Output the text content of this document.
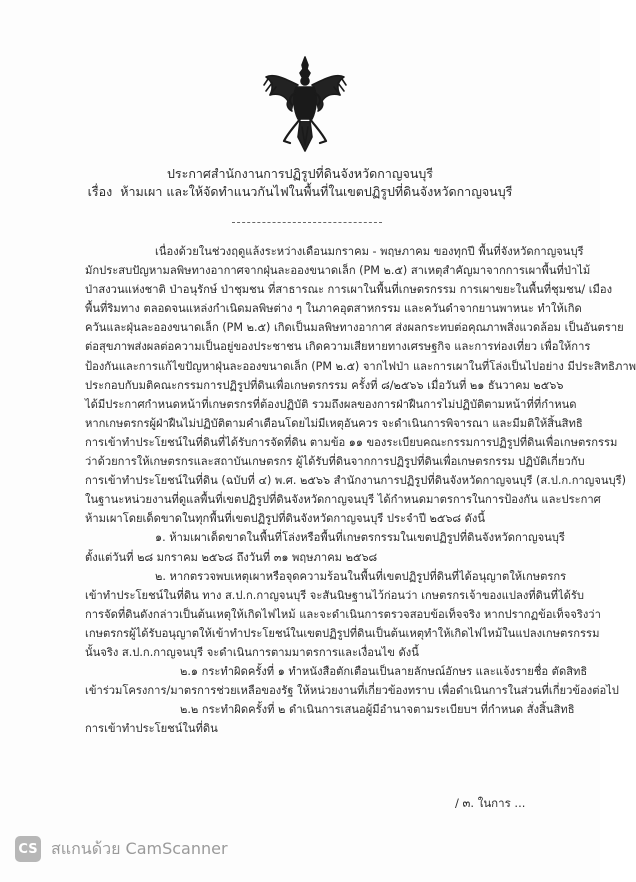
ประกาศสำนักงานการปฏิรูปที่ดินจังหวัดกาญจนบุรี
เรื่อง ห้ามเผา และให้จัดทำแนวกันไฟในพื้นที่ในเขตปฏิรูปที่ดินจังหวัดกาญจนบุรี
เนื่องด้วยในช่วงฤดูแล้งระหว่างเดือนมกราคม - พฤษภาคม ของทุกปี พื้นที่จังหวัดกาญจนบุรี
มักประสบปัญหามลพิษทางอากาศจากฝุ่นละอองขนาดเล็ก (PM ๒.๕) สาเหตุสำคัญมาจากการเผาพื้นที่ป่าไม้
ป่าสงวนแห่งชาติ ป่าอนุรักษ์ ป่าชุมชน ที่สาธารณะ การเผาในพื้นที่เกษตรกรรม การเผาขยะในพื้นที่ชุมชน/ เมือง
พื้นที่ริมทาง ตลอดจนแหล่งกำเนิดมลพิษต่าง ๆ ในภาคอุตสาหกรรม และควันดำจากยานพาหนะ ทำให้เกิด
ควันและฝุ่นละอองขนาดเล็ก (PM ๒.๕) เกิดเป็นมลพิษทางอากาศ ส่งผลกระทบต่อคุณภาพสิ่งแวดล้อม เป็นอันตราย
ต่อสุขภาพส่งผลต่อความเป็นอยู่ของประชาชน เกิดความเสียหายทางเศรษฐกิจ และการท่องเที่ยว เพื่อให้การ
ป้องกันและการแก้ไขปัญหาฝุ่นละอองขนาดเล็ก (PM ๒.๕) จากไฟป่า และการเผาในที่โล่งเป็นไปอย่าง มีประสิทธิภาพ
ประกอบกับมติคณะกรรมการปฏิรูปที่ดินเพื่อเกษตรกรรม ครั้งที่ ๘/๒๕๖๖ เมื่อวันที่ ๒๑ ธันวาคม ๒๕๖๖
ได้มีประกาศกำหนดหน้าที่เกษตรกรที่ต้องปฏิบัติ รวมถึงผลของการฝ่าฝืนการไม่ปฏิบัติตามหน้าที่ที่กำหนด
หากเกษตรกรผู้ฝ่าฝืนไม่ปฏิบัติตามคำเตือนโดยไม่มีเหตุอันควร จะดำเนินการพิจารณา และมีมติให้สิ้นสิทธิ
การเข้าทำประโยชน์ในที่ดินที่ได้รับการจัดที่ดิน ตามข้อ ๑๑ ของระเบียบคณะกรรมการปฏิรูปที่ดินเพื่อเกษตรกรรม
ว่าด้วยการให้เกษตรกรและสถาบันเกษตรกร ผู้ได้รับที่ดินจากการปฏิรูปที่ดินเพื่อเกษตรกรรม ปฏิบัติเกี่ยวกับ
การเข้าทำประโยชน์ในที่ดิน (ฉบับที่ ๔) พ.ศ. ๒๕๖๖ สำนักงานการปฏิรูปที่ดินจังหวัดกาญจนบุรี (ส.ป.ก.กาญจนบุรี)
ในฐานะหน่วยงานที่ดูแลพื้นที่เขตปฏิรูปที่ดินจังหวัดกาญจนบุรี ได้กำหนดมาตรการในการป้องกัน และประกาศ
ห้ามเผาโดยเด็ดขาดในทุกพื้นที่เขตปฏิรูปที่ดินจังหวัดกาญจนบุรี ประจำปี ๒๕๖๘ ดังนี้
๑. ห้ามเผาเด็ดขาดในพื้นที่โล่งหรือพื้นที่เกษตรกรรมในเขตปฏิรูปที่ดินจังหวัดกาญจนบุรี
ตั้งแต่วันที่ ๒๘ มกราคม ๒๕๖๘ ถึงวันที่ ๓๑ พฤษภาคม ๒๕๖๘
๒. หากตรวจพบเหตุเผาหรือจุดความร้อนในพื้นที่เขตปฏิรูปที่ดินที่ได้อนุญาตให้เกษตรกร
เข้าทำประโยชน์ในที่ดิน ทาง ส.ป.ก.กาญจนบุรี จะสันนิษฐานไว้ก่อนว่า เกษตรกรเจ้าของแปลงที่ดินที่ได้รับ
การจัดที่ดินดังกล่าวเป็นต้นเหตุให้เกิดไฟไหม้ และจะดำเนินการตรวจสอบข้อเท็จจริง หากปรากฏข้อเท็จจริงว่า
เกษตรกรผู้ได้รับอนุญาตให้เข้าทำประโยชน์ในเขตปฏิรูปที่ดินเป็นต้นเหตุทำให้เกิดไฟไหม้ในแปลงเกษตรกรรม
นั้นจริง ส.ป.ก.กาญจนบุรี จะดำเนินการตามมาตรการและเงื่อนไข ดังนี้
๒.๑ กระทำผิดครั้งที่ ๑ ทำหนังสือตักเตือนเป็นลายลักษณ์อักษร และแจ้งรายชื่อ ตัดสิทธิ
เข้าร่วมโครงการ/มาตรการช่วยเหลือของรัฐ ให้หน่วยงานที่เกี่ยวข้องทราบ เพื่อดำเนินการในส่วนที่เกี่ยวข้องต่อไป
๒.๒ กระทำผิดครั้งที่ ๒ ดำเนินการเสนอผู้มีอำนาจตามระเบียบฯ ที่กำหนด สั่งสิ้นสิทธิ
การเข้าทำประโยชน์ในที่ดิน
/ ๓. ในการ ...
CS สแกนด้วย CamScanner
